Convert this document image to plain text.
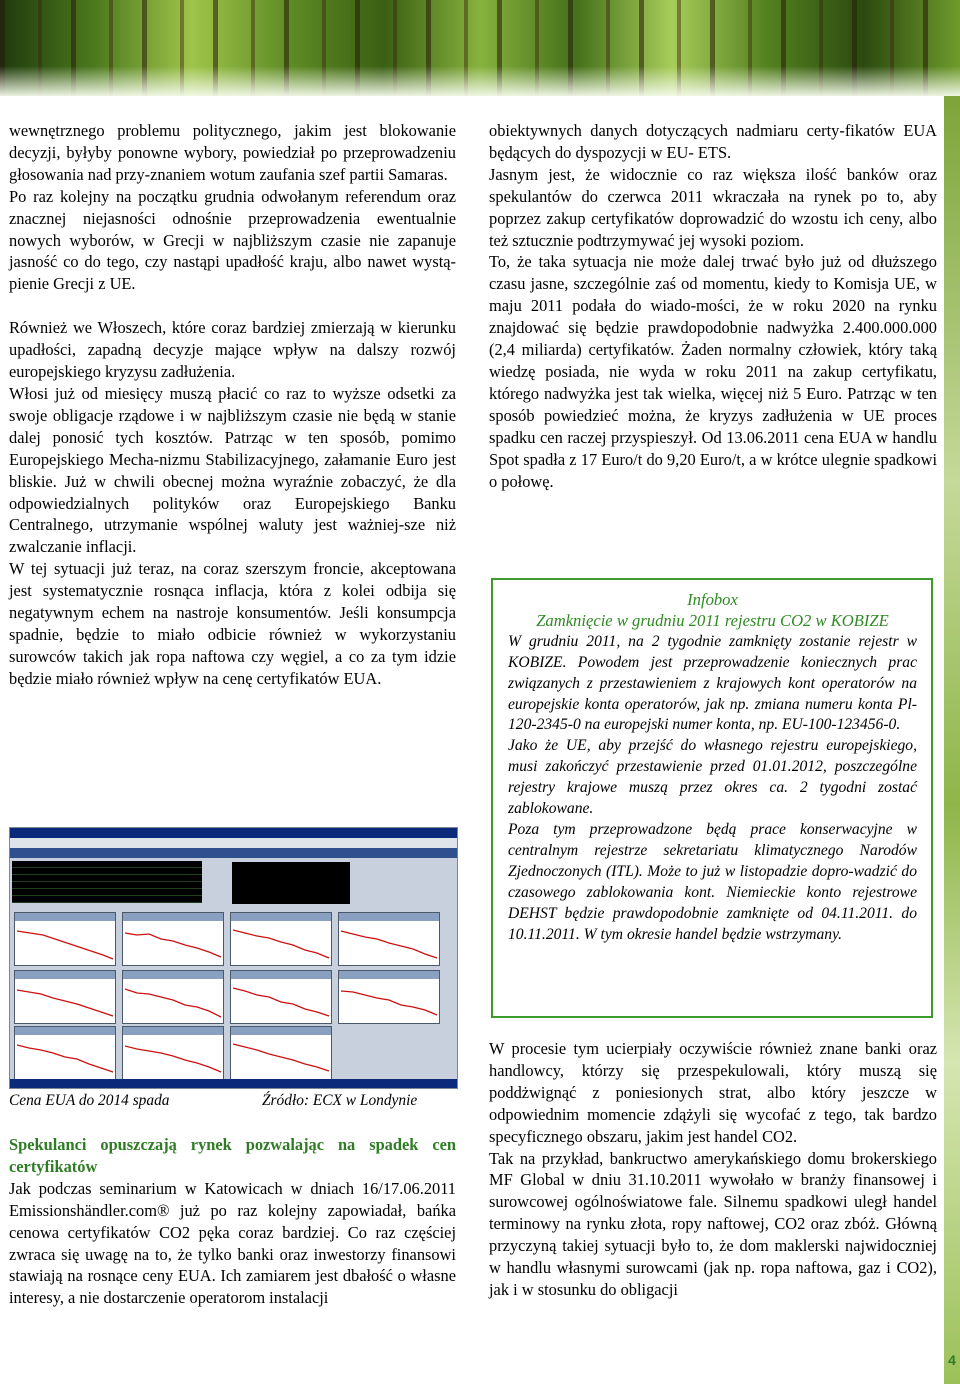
wewnętrznego problemu politycznego, jakim jest blokowanie decyzji, byłyby ponowne wybory, powiedział po przeprowadzeniu głosowania nad przy-znaniem wotum zaufania szef partii Samaras.

Po raz kolejny na początku grudnia odwołanym referendum oraz znacznej niejasności odnośnie przeprowadzenia ewentualnie nowych wyborów, w Grecji w najbliższym czasie nie zapanuje jasność co do tego, czy nastąpi upadłość kraju, albo nawet wystą-pienie Grecji z UE.

Również we Włoszech, które coraz bardziej zmierzają w kierunku upadłości, zapadną decyzje mające wpływ na dalszy rozwój europejskiego kryzysu zadłużenia.

Włosi już od miesięcy muszą płacić co raz to wyższe odsetki za swoje obligacje rządowe i w najbliższym czasie nie będą w stanie dalej ponosić tych kosztów. Patrząc w ten sposób, pomimo Europejskiego Mecha-nizmu Stabilizacyjnego, załamanie Euro jest bliskie. Już w chwili obecnej można wyraźnie zobaczyć, że dla odpowiedzialnych polityków oraz Europejskiego Banku Centralnego, utrzymanie wspólnej waluty jest ważniej-sze niż zwalczanie inflacji.

W tej sytuacji już teraz, na coraz szerszym froncie, akceptowana jest systematycznie rosnąca inflacja, która z kolei odbija się negatywnym echem na nastroje konsumentów. Jeśli konsumpcja spadnie, będzie to miało odbicie również w wykorzystaniu surowców takich jak ropa naftowa czy węgiel, a co za tym idzie będzie miało również wpływ na cenę certyfikatów EUA.

Cena EUA do 2014 spada	Źródło: ECX w Londynie

Spekulanci opuszczają rynek pozwalając na spadek cen certyfikatów

Jak podczas seminarium w Katowicach w dniach 16/17.06.2011 Emissionshändler.com® już po raz kolejny zapowiadał, bańka cenowa certyfikatów CO2 pęka coraz bardziej. Co raz częściej zwraca się uwagę na to, że tylko banki oraz inwestorzy finansowi stawiają na rosnące ceny EUA. Ich zamiarem jest dbałość o własne interesy, a nie dostarczenie operatorom instalacji

obiektywnych danych dotyczących nadmiaru certy-fikatów EUA będących do dyspozycji w EU- ETS.

Jasnym jest, że widocznie co raz większa ilość banków oraz spekulantów do czerwca 2011 wkraczała na rynek po to, aby poprzez zakup certyfikatów doprowadzić do wzostu ich ceny, albo też sztucznie podtrzymywać jej wysoki poziom.

To, że taka sytuacja nie może dalej trwać było już od dłuższego czasu jasne, szczególnie zaś od momentu, kiedy to Komisja UE, w maju 2011 podała do wiado-mości, że w roku 2020 na rynku znajdować się będzie prawdopodobnie nadwyżka 2.400.000.000 (2,4 miliarda) certyfikatów. Żaden normalny człowiek, który taką wiedzę posiada, nie wyda w roku 2011 na zakup certyfikatu, którego nadwyżka jest tak wielka, więcej niż 5 Euro. Patrząc w ten sposób powiedzieć można, że kryzys zadłużenia w UE proces spadku cen raczej przyspieszył. Od 13.06.2011 cena EUA w handlu Spot spadła z 17 Euro/t do 9,20 Euro/t, a w krótce ulegnie spadkowi o połowę.

Infobox
Zamknięcie w grudniu 2011 rejestru CO2 w KOBIZE

W grudniu 2011, na 2 tygodnie zamknięty zostanie rejestr w KOBIZE. Powodem jest przeprowadzenie koniecznych prac związanych z przestawieniem z krajowych kont operatorów na europejskie konta operatorów, jak np. zmiana numeru konta Pl-120-2345-0 na europejski numer konta, np. EU-100-123456-0.

Jako że UE, aby przejść do własnego rejestru europejskiego, musi zakończyć przestawienie przed 01.01.2012, poszczególne rejestry krajowe muszą przez okres ca. 2 tygodni zostać zablokowane.

Poza tym przeprowadzone będą prace konserwacyjne w centralnym rejestrze sekretariatu klimatycznego Narodów Zjednoczonych (ITL). Może to już w listopadzie dopro-wadzić do czasowego zablokowania kont. Niemieckie konto rejestrowe DEHST będzie prawdopodobnie zamknięte od 04.11.2011. do 10.11.2011. W tym okresie handel będzie wstrzymany.

W procesie tym ucierpiały oczywiście również znane banki oraz handlowcy, którzy się przespekulowali, który muszą się poddżwignąć z poniesionych strat, albo który jeszcze w odpowiednim momencie zdążyli się wycofać z tego, tak bardzo specyficznego obszaru, jakim jest handel CO2.

Tak na przykład, bankructwo amerykańskiego domu brokerskiego MF Global w dniu 31.10.2011 wywołało w branży finansowej i surowcowej ogólnoświatowe fale. Silnemu spadkowi uległ handel terminowy na rynku złota, ropy naftowej, CO2 oraz zbóż. Główną przyczyną takiej sytuacji było to, że dom maklerski najwidoczniej w handlu własnymi surowcami (jak np. ropa naftowa, gaz i CO2), jak i w stosunku do obligacji

4
